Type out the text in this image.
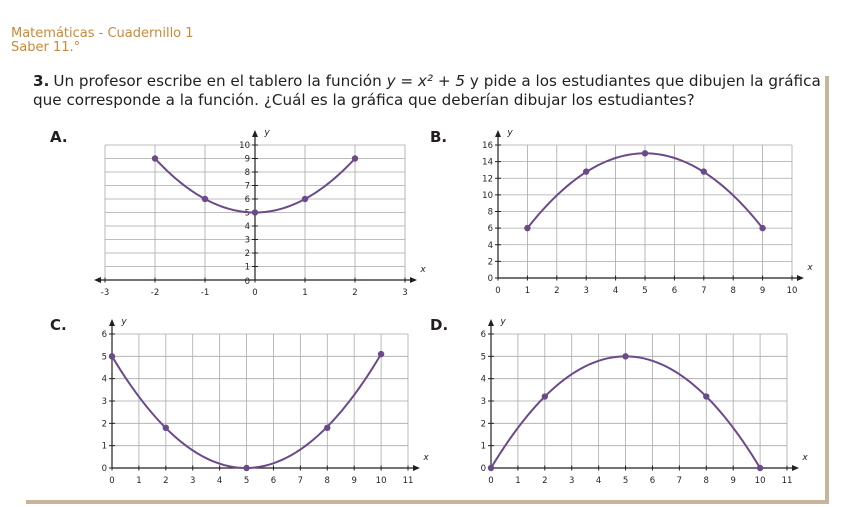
Matemáticas - Cuadernillo 1
Saber 11.°
3. Un profesor escribe en el tablero la función y = x² + 5 y pide a los estudiantes que dibujen la gráfica que corresponde a la función. ¿Cuál es la gráfica que deberían dibujar los estudiantes?
A.	B.
C.	D.
-3	-2	-1	0	1	2	3
1
2
3
4
5
6
7
8
9
10
0
x
y
0	1	2	3	4	5	6	7	8	9	10
0
2
4
6
8
10
12
14
16
x
y
0	1	2	3	4	5	6	7	8	9 10 11
0
1
2
3
4
5
6
x
y
0	1	2	3	4	5	6	7	8	9 10 11
0
1
2
3
4
5
6
x
y
